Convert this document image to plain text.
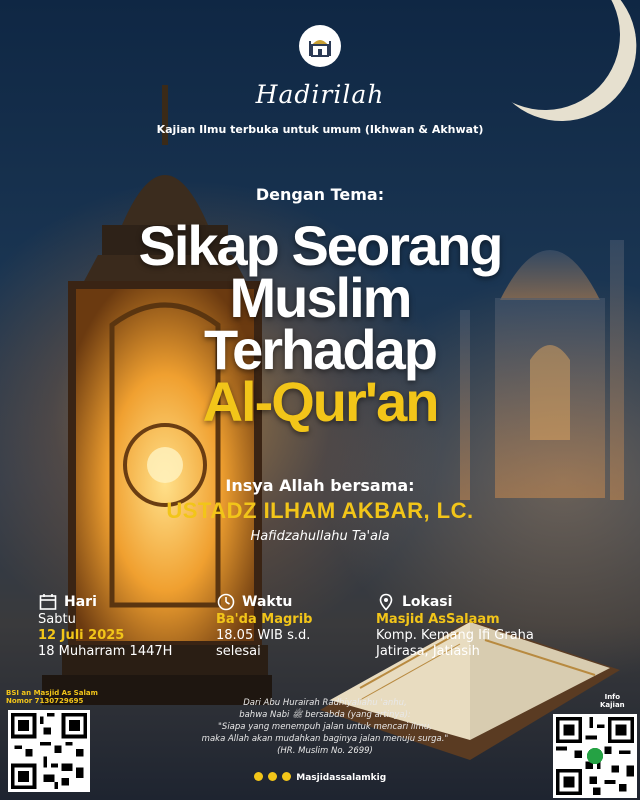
Hadirilah
Kajian Ilmu terbuka untuk umum (Ikhwan & Akhwat)
Dengan Tema:
Sikap Seorang
Muslim
Terhadap
Al-Qur'an
Insya Allah bersama:
USTADZ ILHAM AKBAR, LC.
Hafidzahullahu Ta'ala
Hari
Sabtu
12 Juli 2025
18 Muharram 1447H
Waktu
Ba'da Magrib
18.05 WIB s.d.
selesai
Lokasi
Masjid AsSalaam
Komp. Kemang Ifi Graha
Jatirasa, Jatiasih
BSI an Masjid As Salam
Nomor 7130729695	Info
Kajian
Dari Abu Hurairah Radhiyallahu 'anhu,
bahwa Nabi ﷺ bersabda (yang artinya):
"Siapa yang menempuh jalan untuk mencari ilmu,
maka Allah akan mudahkan baginya jalan menuju surga."
(HR. Muslim No. 2699)
Masjidassalamkig
